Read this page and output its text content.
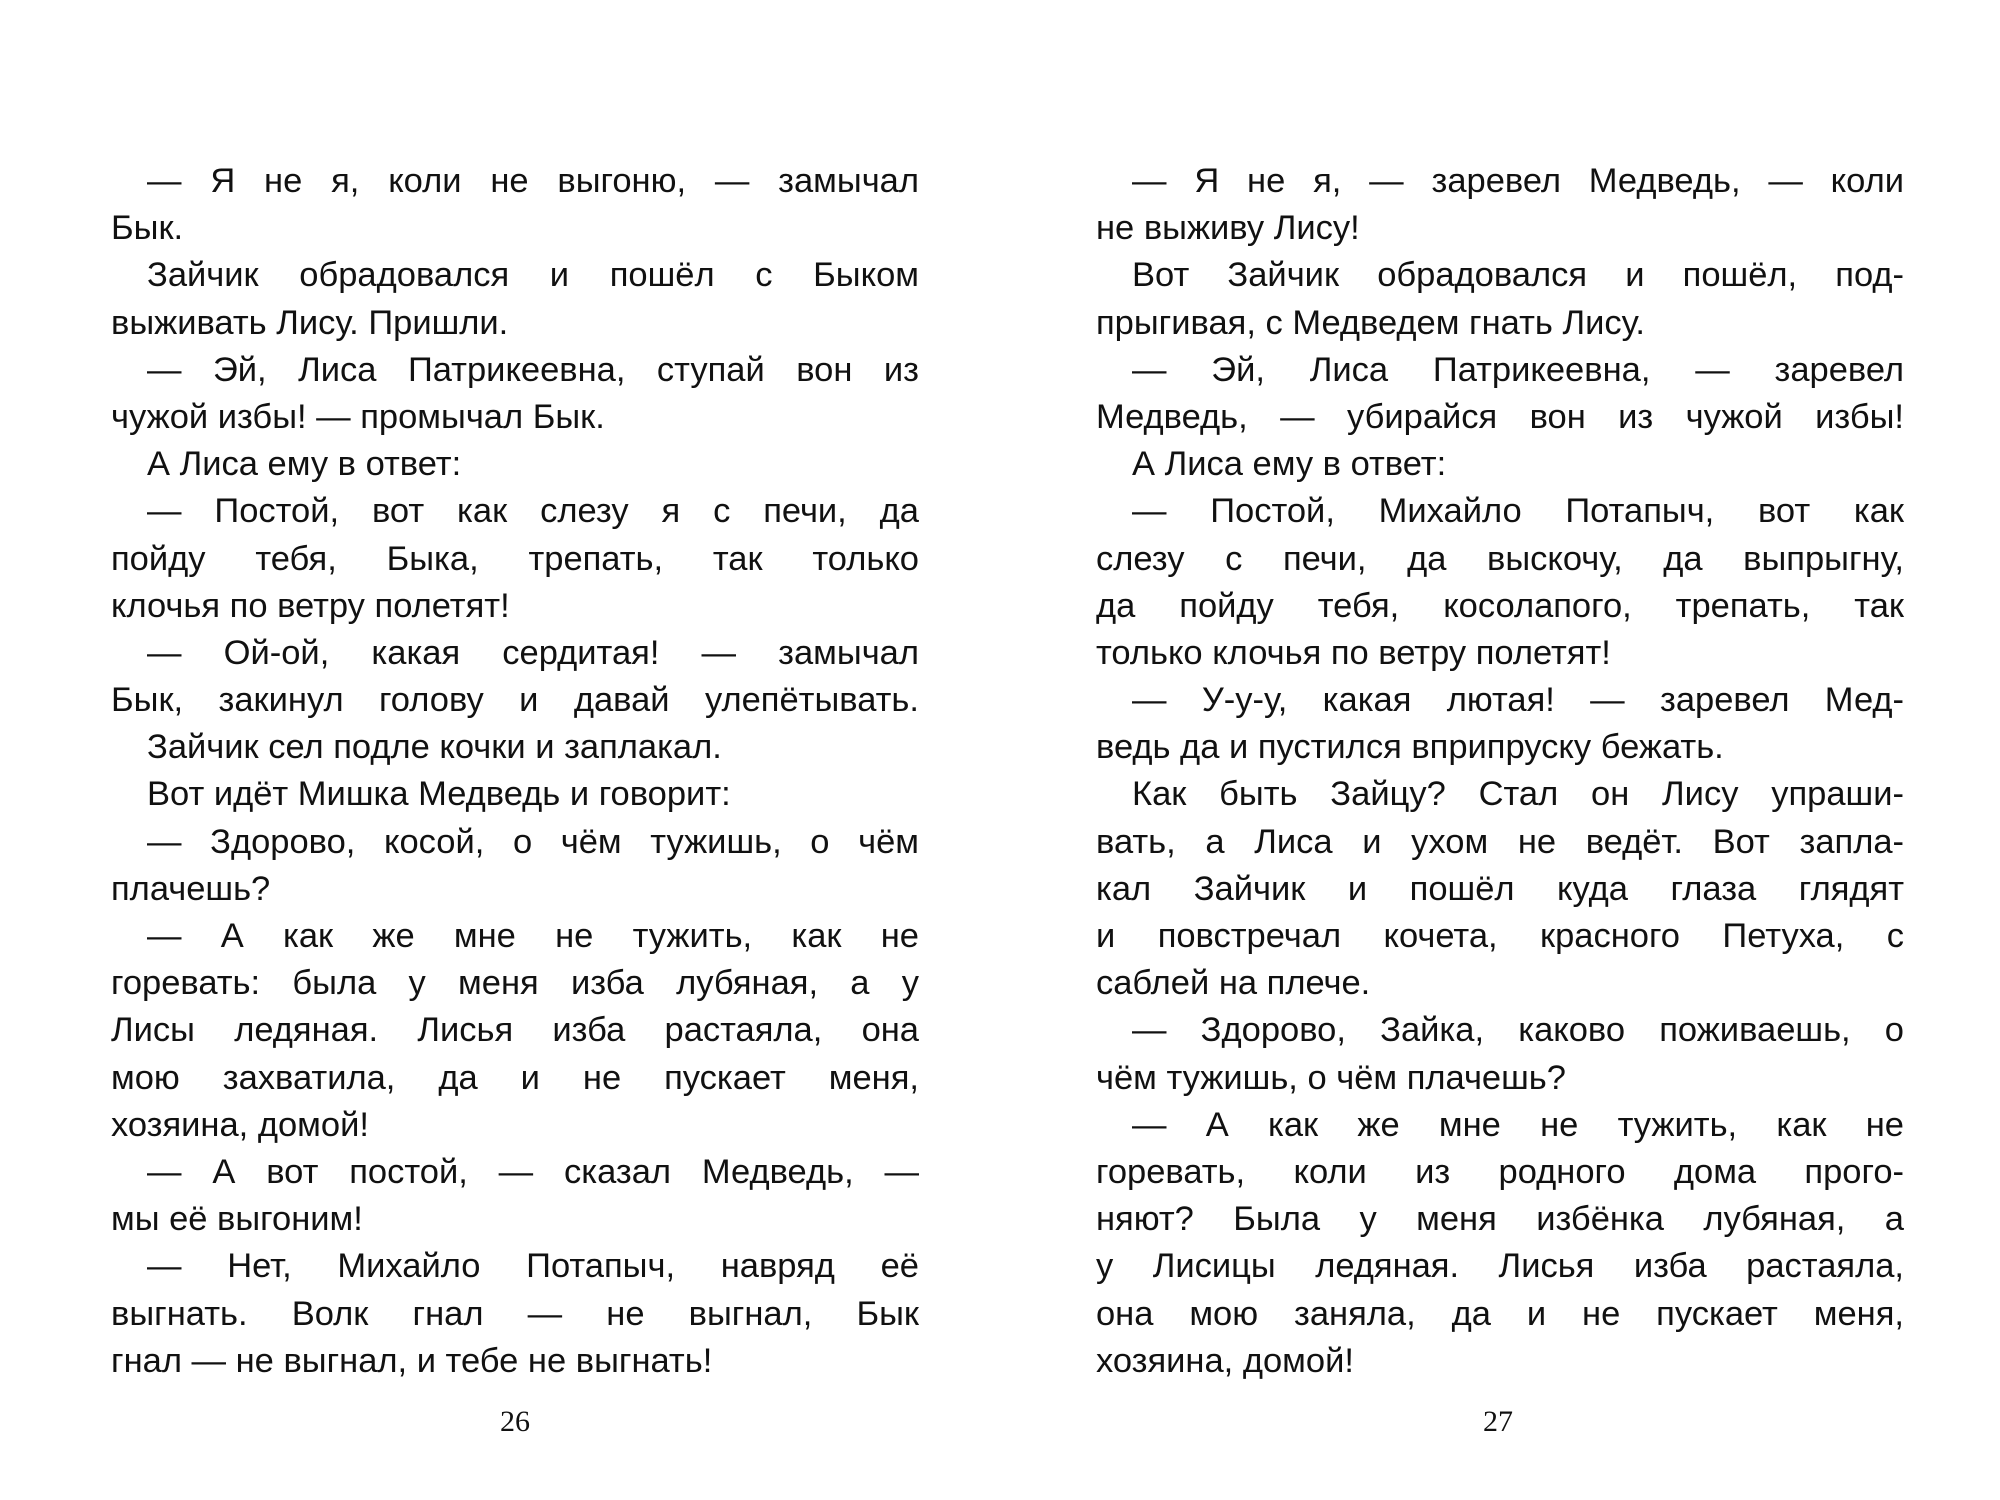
— Я не я, коли не выгоню, — замычал
Бык.
Зайчик обрадовался и пошёл с Быком
выживать Лису. Пришли.
— Эй, Лиса Патрикеевна, ступай вон из
чужой избы! — промычал Бык.
А Лиса ему в ответ:
— Постой, вот как слезу я с печи, да
пойду тебя, Быка, трепать, так только
клочья по ветру полетят!
— Ой-ой, какая сердитая! — замычал
Бык, закинул голову и давай улепётывать.
Зайчик сел подле кочки и заплакал.
Вот идёт Мишка Медведь и говорит:
— Здорово, косой, о чём тужишь, о чём
плачешь?
— А как же мне не тужить, как не
горевать: была у меня изба лубяная, а у
Лисы ледяная. Лисья изба растаяла, она
мою захватила, да и не пускает меня,
хозяина, домой!
— А вот постой, — сказал Медведь, —
мы её выгоним!
— Нет, Михайло Потапыч, навряд её
выгнать. Волк гнал — не выгнал, Бык
гнал — не выгнал, и тебе не выгнать!
— Я не я, — заревел Медведь, — коли
не выживу Лису!
Вот Зайчик обрадовался и пошёл, под-
прыгивая, с Медведем гнать Лису.
— Эй, Лиса Патрикеевна, — заревел
Медведь, — убирайся вон из чужой избы!
А Лиса ему в ответ:
— Постой, Михайло Потапыч, вот как
слезу с печи, да выскочу, да выпрыгну,
да пойду тебя, косолапого, трепать, так
только клочья по ветру полетят!
— У-у-у, какая лютая! — заревел Мед-
ведь да и пустился вприпруску бежать.
Как быть Зайцу? Стал он Лису упраши-
вать, а Лиса и ухом не ведёт. Вот запла-
кал Зайчик и пошёл куда глаза глядят
и повстречал кочета, красного Петуха, с
саблей на плече.
— Здорово, Зайка, каково поживаешь, о
чём тужишь, о чём плачешь?
— А как же мне не тужить, как не
горевать, коли из родного дома прого-
няют? Была у меня избёнка лубяная, а
у Лисицы ледяная. Лисья изба растаяла,
она мою заняла, да и не пускает меня,
хозяина, домой!
26	27
